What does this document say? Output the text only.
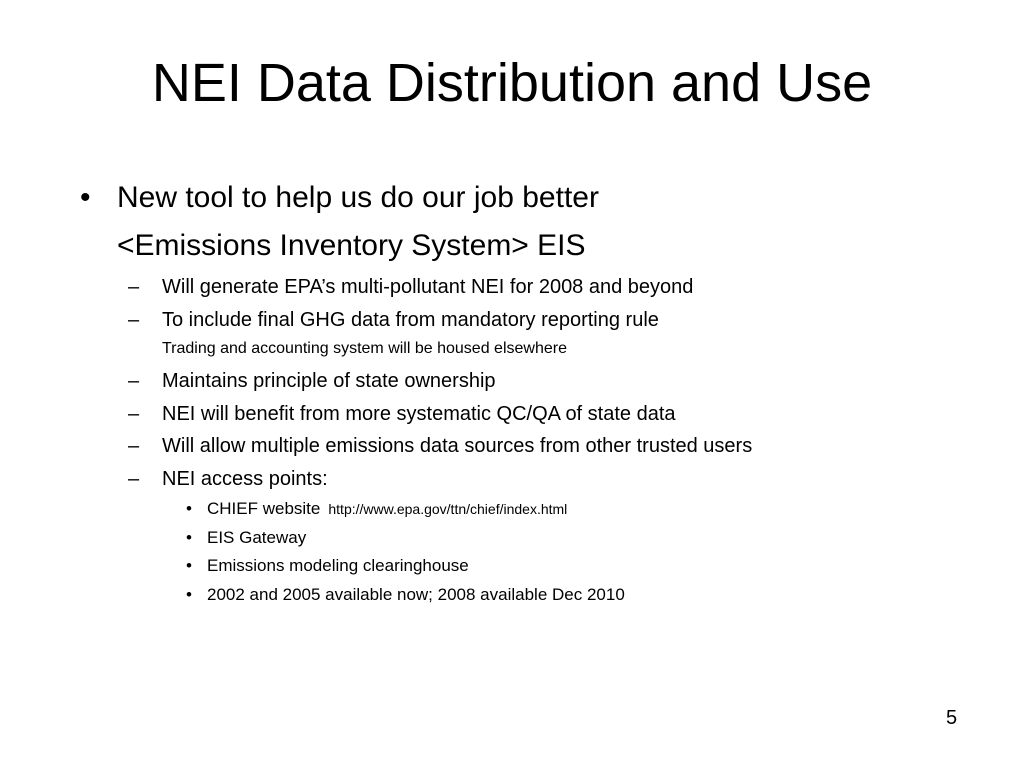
NEI Data Distribution and Use
• New tool to help us do our job better
<Emissions Inventory System> EIS
– Will generate EPA’s multi-pollutant NEI for 2008 and beyond
– To include final GHG data from mandatory reporting rule
Trading and accounting system will be housed elsewhere
– Maintains principle of state ownership
– NEI will benefit from more systematic QC/QA of state data
– Will allow multiple emissions data sources from other trusted users
– NEI access points:
• CHIEF website http://www.epa.gov/ttn/chief/index.html
• EIS Gateway
• Emissions modeling clearinghouse
• 2002 and 2005 available now; 2008 available Dec 2010
5
